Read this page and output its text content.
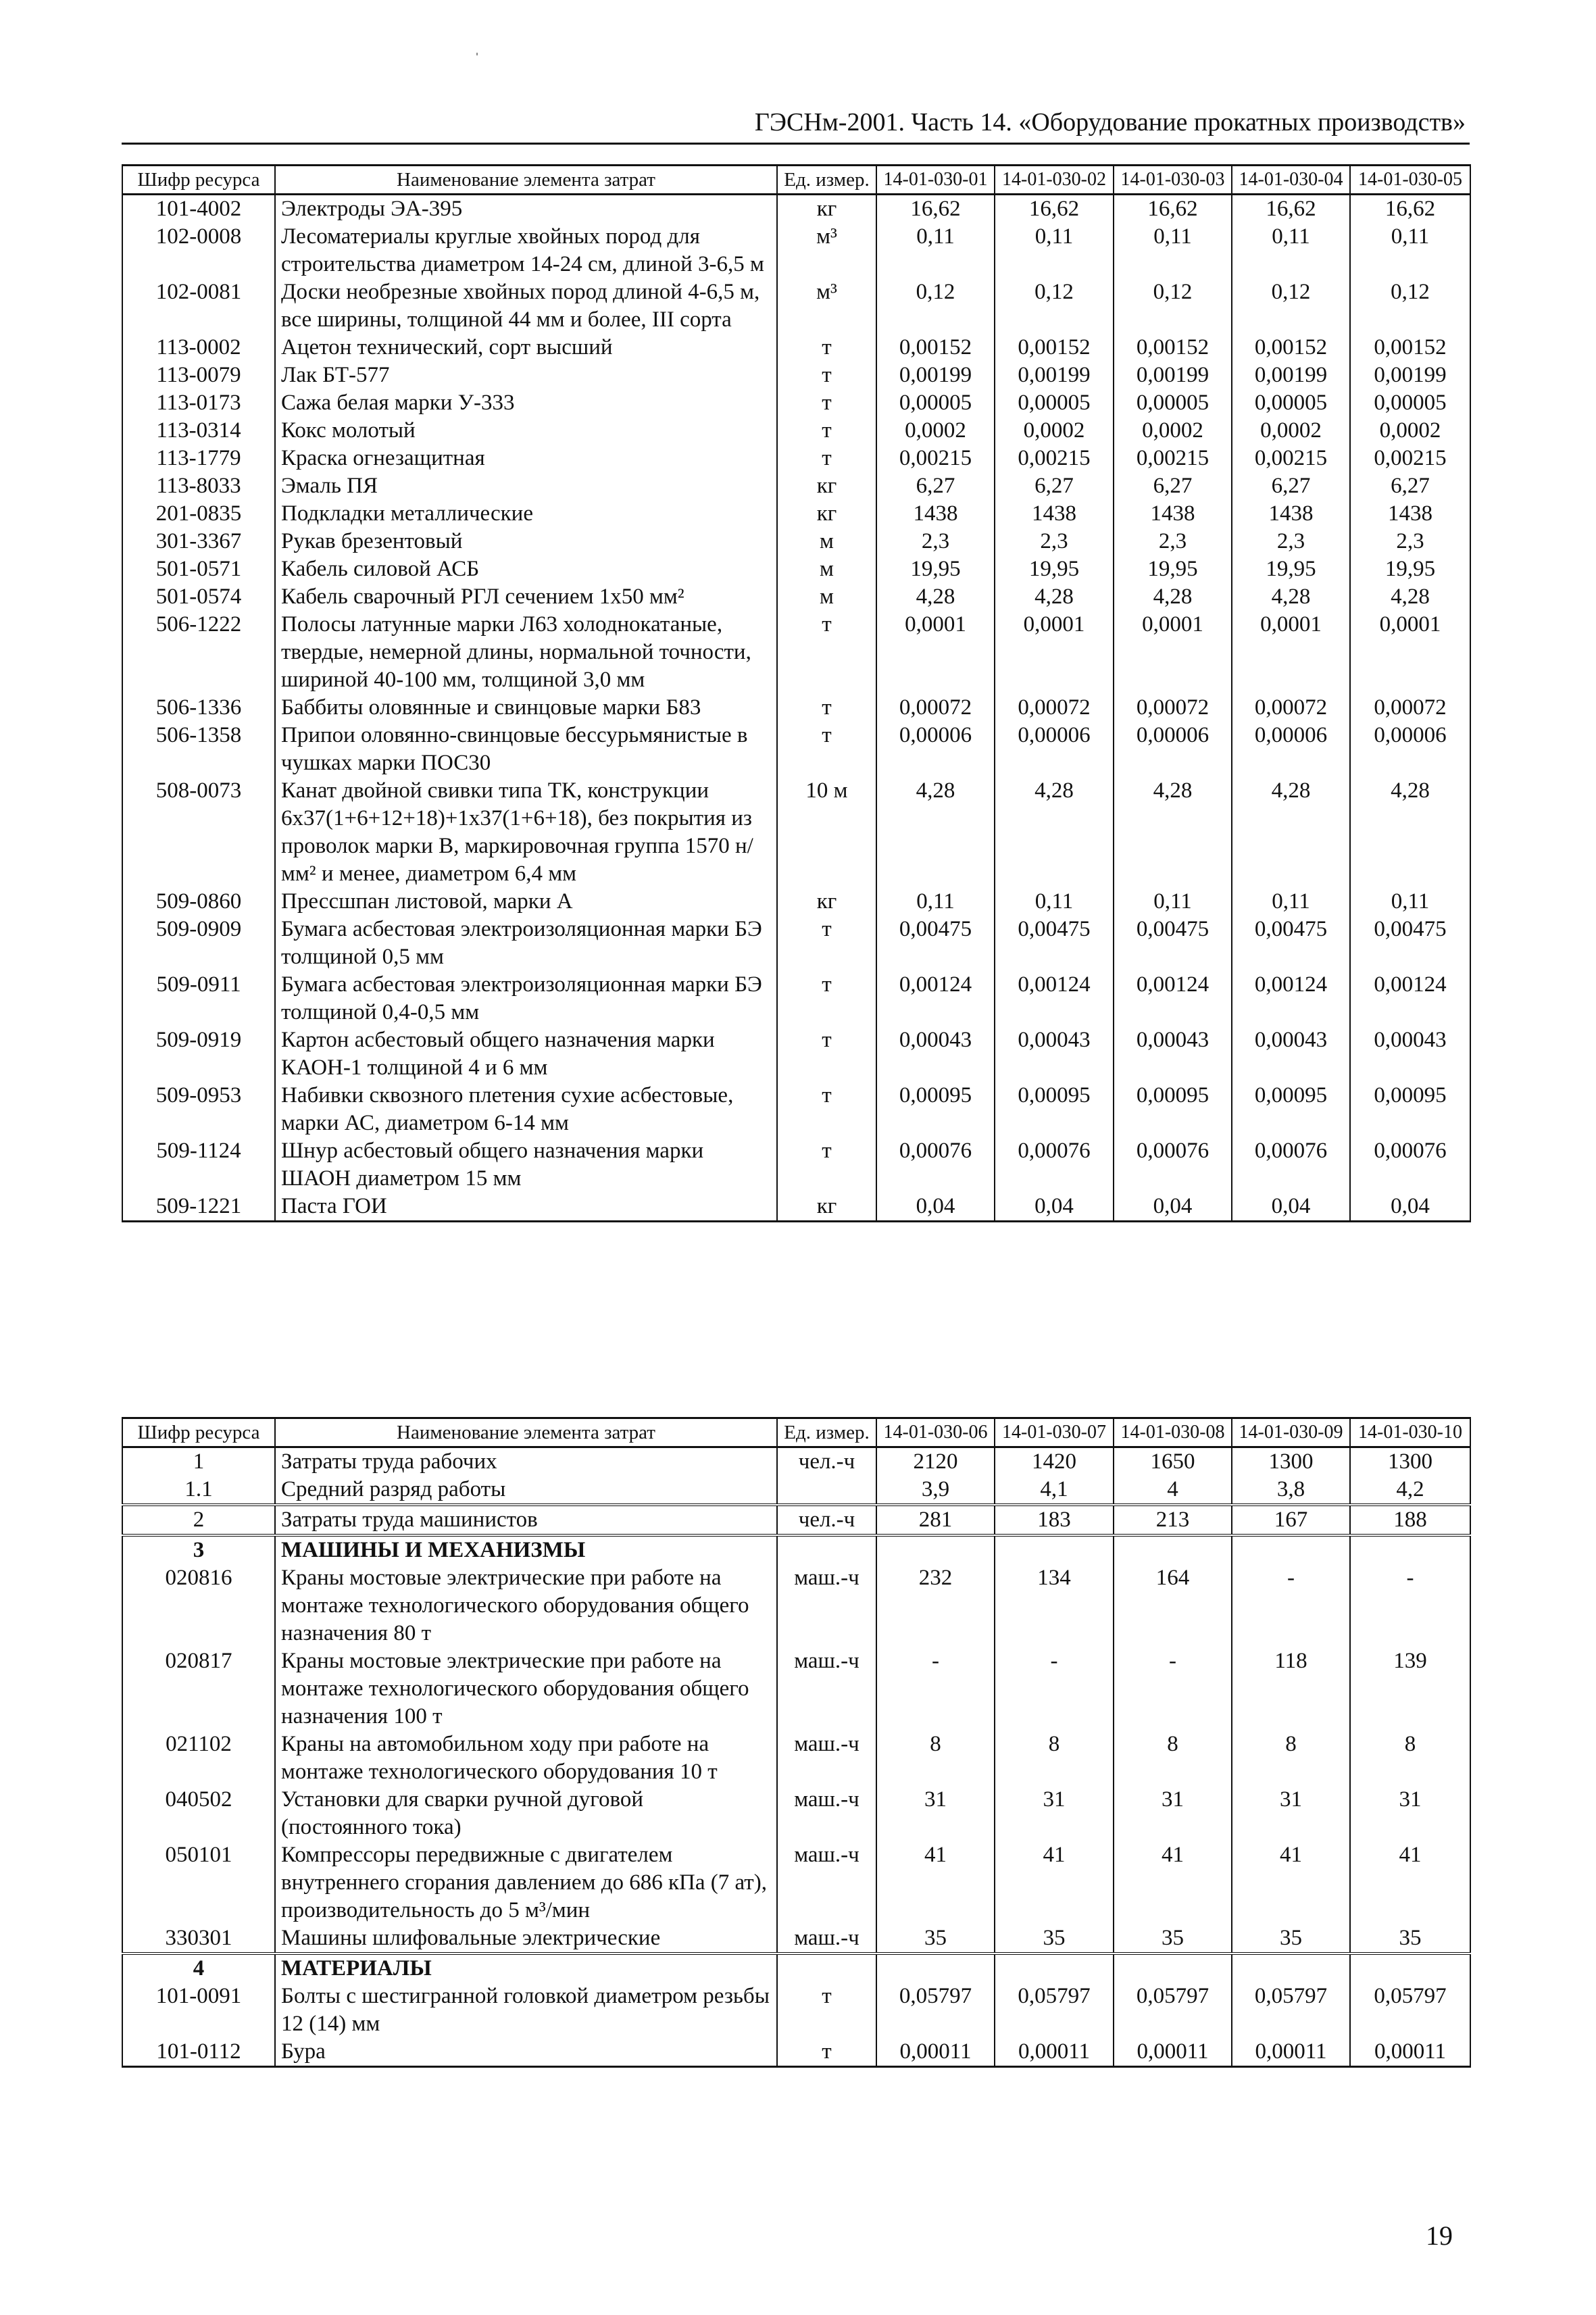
ГЭСНм-2001. Часть 14. «Оборудование прокатных производств»
Шифр ресурса	Наименование элемента затрат	Ед. измер.	14-01-030-01	14-01-030-02	14-01-030-03	14-01-030-04	14-01-030-05
101-4002	Электроды ЭА-395	кг	16,62	16,62	16,62	16,62	16,62
102-0008	Лесоматериалы круглые хвойных пород для строительства диаметром 14-24 см, длиной 3-6,5 м	м³	0,11	0,11	0,11	0,11	0,11
102-0081	Доски необрезные хвойных пород длиной 4-6,5 м, все ширины, толщиной 44 мм и более, III сорта	м³	0,12	0,12	0,12	0,12	0,12
113-0002	Ацетон технический, сорт высший	т	0,00152	0,00152	0,00152	0,00152	0,00152
113-0079	Лак БТ-577	т	0,00199	0,00199	0,00199	0,00199	0,00199
113-0173	Сажа белая марки У-333	т	0,00005	0,00005	0,00005	0,00005	0,00005
113-0314	Кокс молотый	т	0,0002	0,0002	0,0002	0,0002	0,0002
113-1779	Краска огнезащитная	т	0,00215	0,00215	0,00215	0,00215	0,00215
113-8033	Эмаль ПЯ	кг	6,27	6,27	6,27	6,27	6,27
201-0835	Подкладки металлические	кг	1438	1438	1438	1438	1438
301-3367	Рукав брезентовый	м	2,3	2,3	2,3	2,3	2,3
501-0571	Кабель силовой АСБ	м	19,95	19,95	19,95	19,95	19,95
501-0574	Кабель сварочный РГЛ сечением 1х50 мм²	м	4,28	4,28	4,28	4,28	4,28
506-1222	Полосы латунные марки Л63 холоднокатаные, твердые, немерной длины, нормальной точности, шириной 40-100 мм, толщиной 3,0 мм	т	0,0001	0,0001	0,0001	0,0001	0,0001
506-1336	Баббиты оловянные и свинцовые марки Б83	т	0,00072	0,00072	0,00072	0,00072	0,00072
506-1358	Припои оловянно-свинцовые бессурьмянистые в чушках марки ПОС30	т	0,00006	0,00006	0,00006	0,00006	0,00006
508-0073	Канат двойной свивки типа ТК, конструкции 6х37(1+6+12+18)+1х37(1+6+18), без покрытия из проволок марки В, маркировочная группа 1570 н/мм² и менее, диаметром 6,4 мм	10 м	4,28	4,28	4,28	4,28	4,28
509-0860	Прессшпан листовой, марки А	кг	0,11	0,11	0,11	0,11	0,11
509-0909	Бумага асбестовая электроизоляционная марки БЭ толщиной 0,5 мм	т	0,00475	0,00475	0,00475	0,00475	0,00475
509-0911	Бумага асбестовая электроизоляционная марки БЭ толщиной 0,4-0,5 мм	т	0,00124	0,00124	0,00124	0,00124	0,00124
509-0919	Картон асбестовый общего назначения марки КАОН-1 толщиной 4 и 6 мм	т	0,00043	0,00043	0,00043	0,00043	0,00043
509-0953	Набивки сквозного плетения сухие асбестовые, марки АС, диаметром 6-14 мм	т	0,00095	0,00095	0,00095	0,00095	0,00095
509-1124	Шнур асбестовый общего назначения марки ШАОН диаметром 15 мм	т	0,00076	0,00076	0,00076	0,00076	0,00076
509-1221	Паста ГОИ	кг	0,04	0,04	0,04	0,04	0,04
Шифр ресурса	Наименование элемента затрат	Ед. измер.	14-01-030-06	14-01-030-07	14-01-030-08	14-01-030-09	14-01-030-10
1	Затраты труда рабочих	чел.-ч	2120	1420	1650	1300	1300
1.1	Средний разряд работы		3,9	4,1	4	3,8	4,2
2	Затраты труда машинистов	чел.-ч	281	183	213	167	188
3	МАШИНЫ И МЕХАНИЗМЫ						
020816	Краны мостовые электрические при работе на монтаже технологического оборудования общего назначения 80 т	маш.-ч	232	134	164	-	-
020817	Краны мостовые электрические при работе на монтаже технологического оборудования общего назначения 100 т	маш.-ч	-	-	-	118	139
021102	Краны на автомобильном ходу при работе на монтаже технологического оборудования 10 т	маш.-ч	8	8	8	8	8
040502	Установки для сварки ручной дуговой (постоянного тока)	маш.-ч	31	31	31	31	31
050101	Компрессоры передвижные с двигателем внутреннего сгорания давлением до 686 кПа (7 ат), производительность до 5 м³/мин	маш.-ч	41	41	41	41	41
330301	Машины шлифовальные электрические	маш.-ч	35	35	35	35	35
4	МАТЕРИАЛЫ						
101-0091	Болты с шестигранной головкой диаметром резьбы 12 (14) мм	т	0,05797	0,05797	0,05797	0,05797	0,05797
101-0112	Бура	т	0,00011	0,00011	0,00011	0,00011	0,00011
19
